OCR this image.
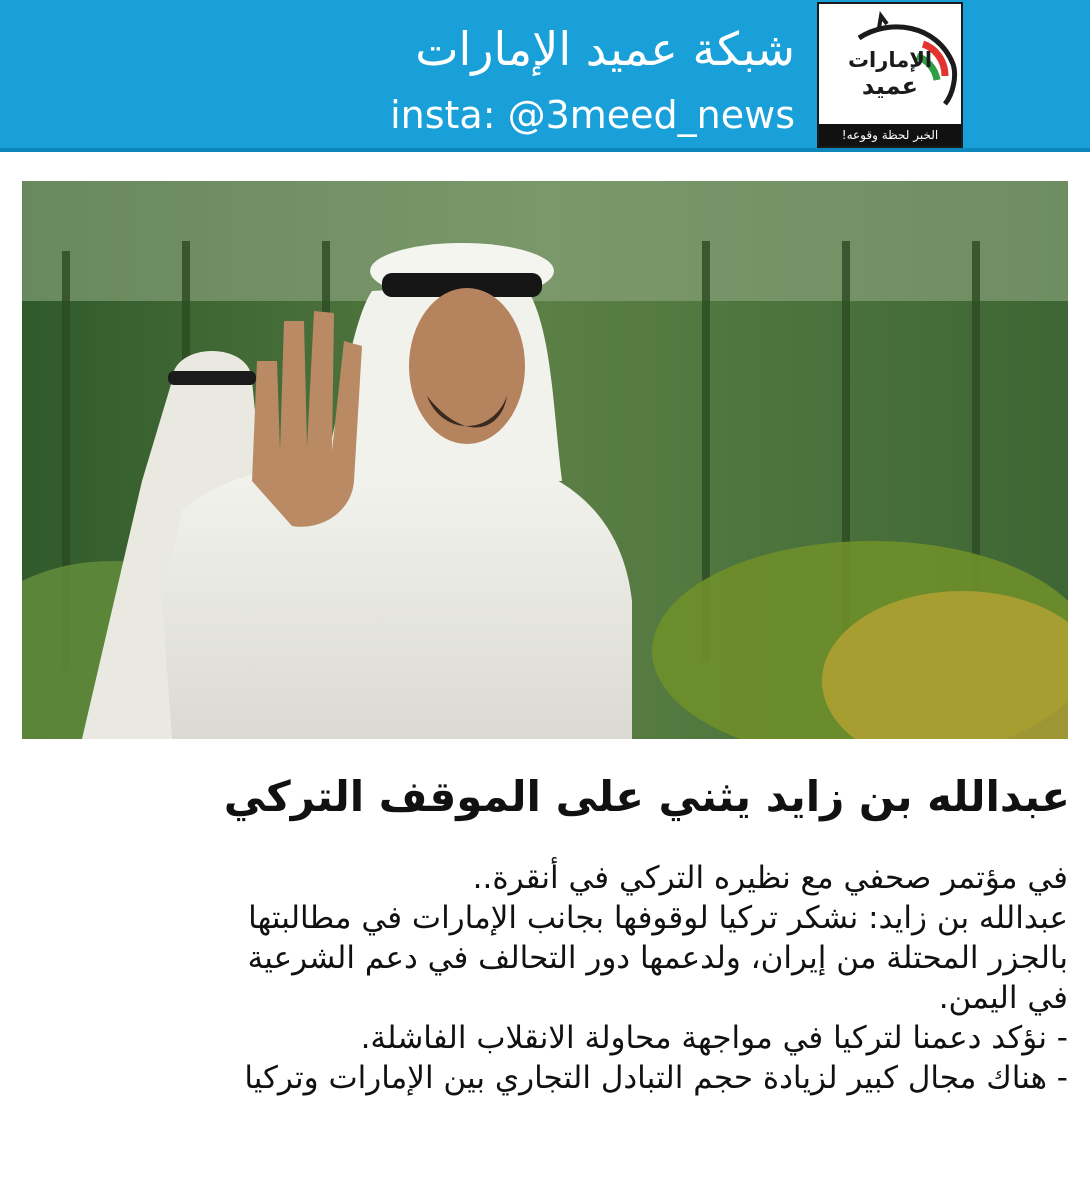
شبكة عميد الإمارات
insta: @3meed_news
الإمارات
عميد
الخبر لحظة وقوعه!
عبدالله بن زايد يثني على الموقف التركي

في مؤتمر صحفي مع نظيره التركي في أنقرة..

عبدالله بن زايد: نشكر تركيا لوقوفها بجانب الإمارات في مطالبتها

بالجزر المحتلة من إيران، ولدعمها دور التحالف في دعم الشرعية

في اليمن.

- نؤكد دعمنا لتركيا في مواجهة محاولة الانقلاب الفاشلة.

- هناك مجال كبير لزيادة حجم التبادل التجاري بين الإمارات وتركيا
